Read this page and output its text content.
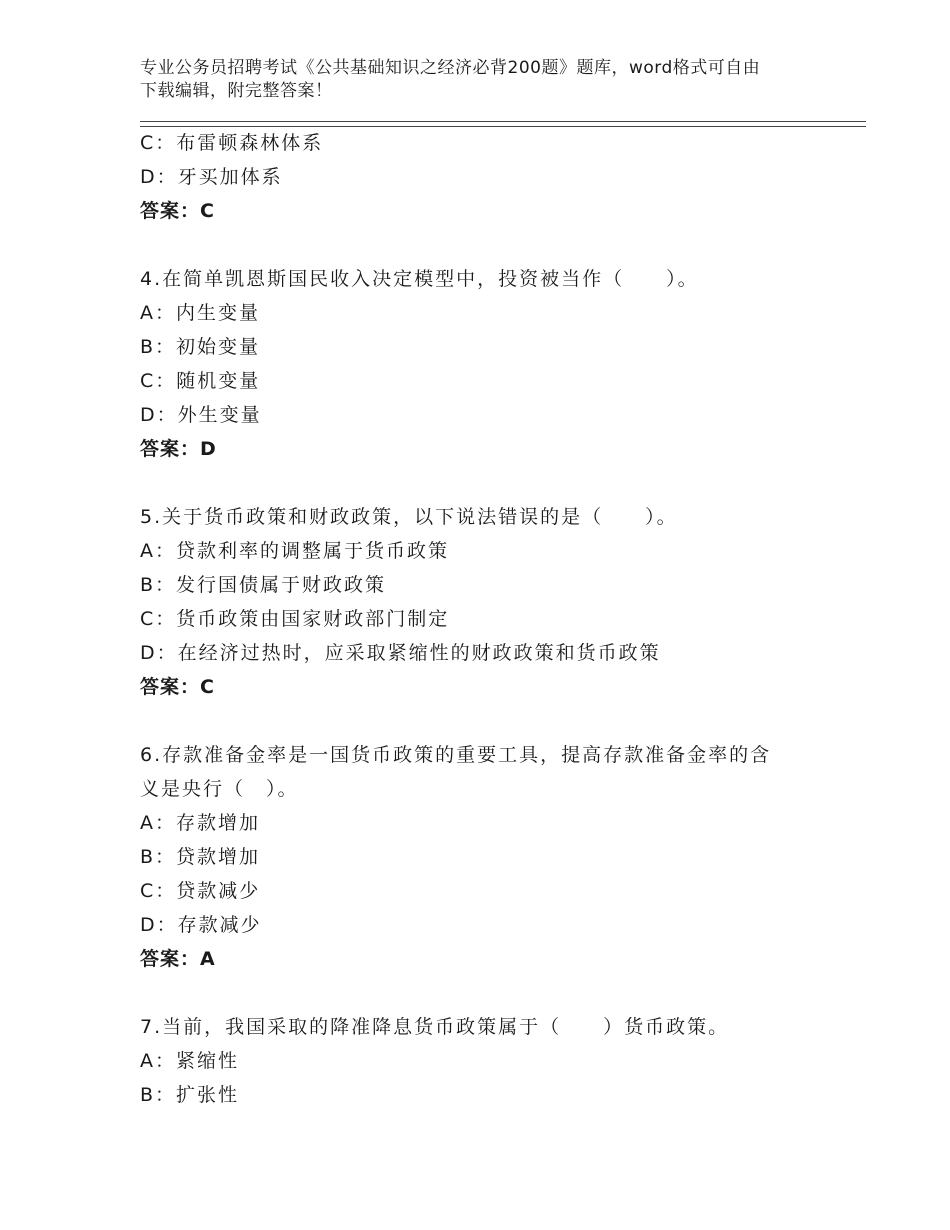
专业公务员招聘考试《公共基础知识之经济必背200题》题库，word格式可自由
下载编辑，附完整答案！
C：布雷顿森林体系
D：牙买加体系
答案：C
4.在简单凯恩斯国民收入决定模型中，投资被当作（　　）。
A：内生变量
B：初始变量
C：随机变量
D：外生变量
答案：D
5.关于货币政策和财政政策，以下说法错误的是（　　）。
A：贷款利率的调整属于货币政策
B：发行国债属于财政政策
C：货币政策由国家财政部门制定
D：在经济过热时，应采取紧缩性的财政政策和货币政策
答案：C
6.存款准备金率是一国货币政策的重要工具，提高存款准备金率的含
义是央行（　）。
A：存款增加
B：贷款增加
C：贷款减少
D：存款减少
答案：A
7.当前，我国采取的降准降息货币政策属于（　　）货币政策。
A：紧缩性
B：扩张性
